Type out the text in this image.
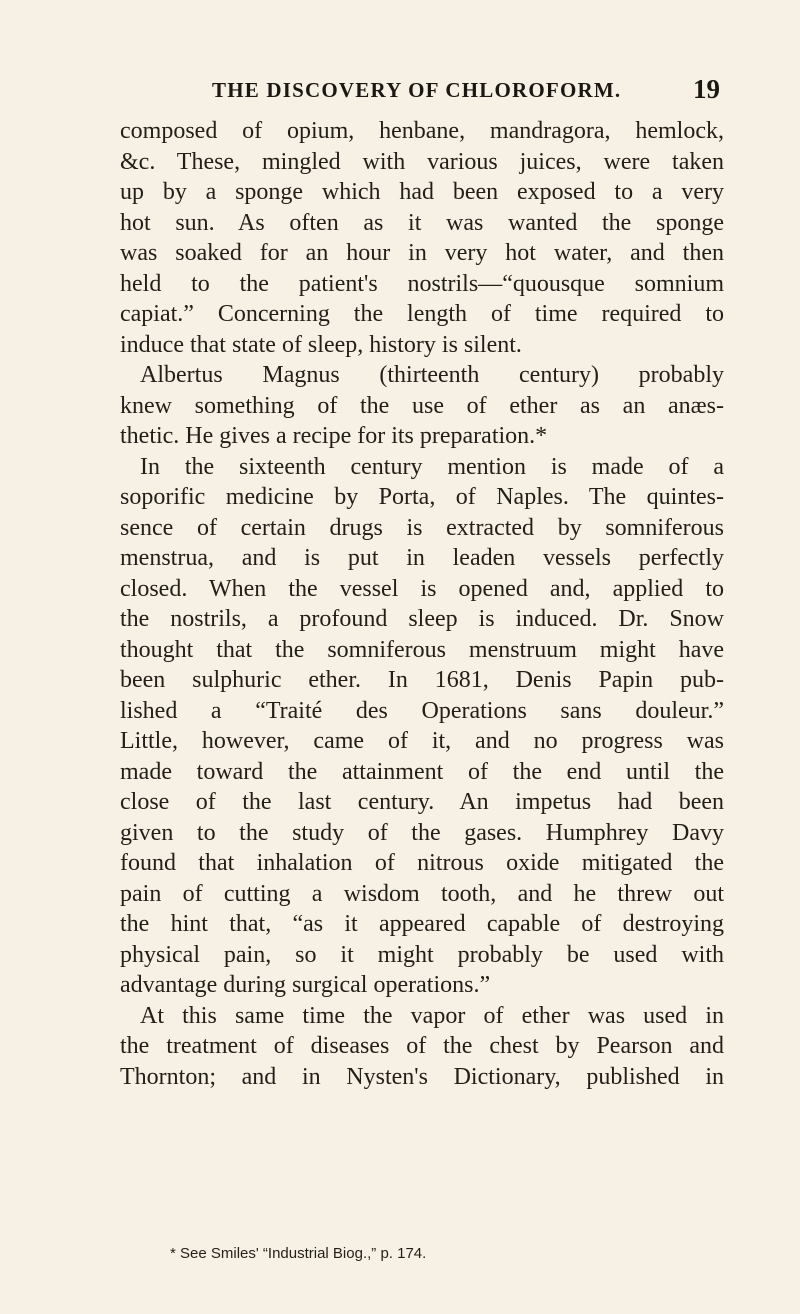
THE DISCOVERY OF CHLOROFORM.	19
composed of opium, henbane, mandragora, hemlock,
&c. These, mingled with various juices, were taken
up by a sponge which had been exposed to a very
hot sun. As often as it was wanted the sponge
was soaked for an hour in very hot water, and then
held to the patient's nostrils—“quousque somnium
capiat.” Concerning the length of time required to
induce that state of sleep, history is silent.
Albertus Magnus (thirteenth century) probably
knew something of the use of ether as an anæs-
thetic. He gives a recipe for its preparation.*
In the sixteenth century mention is made of a
soporific medicine by Porta, of Naples. The quintes-
sence of certain drugs is extracted by somniferous
menstrua, and is put in leaden vessels perfectly
closed. When the vessel is opened and, applied to
the nostrils, a profound sleep is induced. Dr. Snow
thought that the somniferous menstruum might have
been sulphuric ether. In 1681, Denis Papin pub-
lished a “Traité des Operations sans douleur.”
Little, however, came of it, and no progress was
made toward the attainment of the end until the
close of the last century. An impetus had been
given to the study of the gases. Humphrey Davy
found that inhalation of nitrous oxide mitigated the
pain of cutting a wisdom tooth, and he threw out
the hint that, “as it appeared capable of destroying
physical pain, so it might probably be used with
advantage during surgical operations.”
At this same time the vapor of ether was used in
the treatment of diseases of the chest by Pearson and
Thornton; and in Nysten's Dictionary, published in
* See Smiles' “Industrial Biog.,” p. 174.
